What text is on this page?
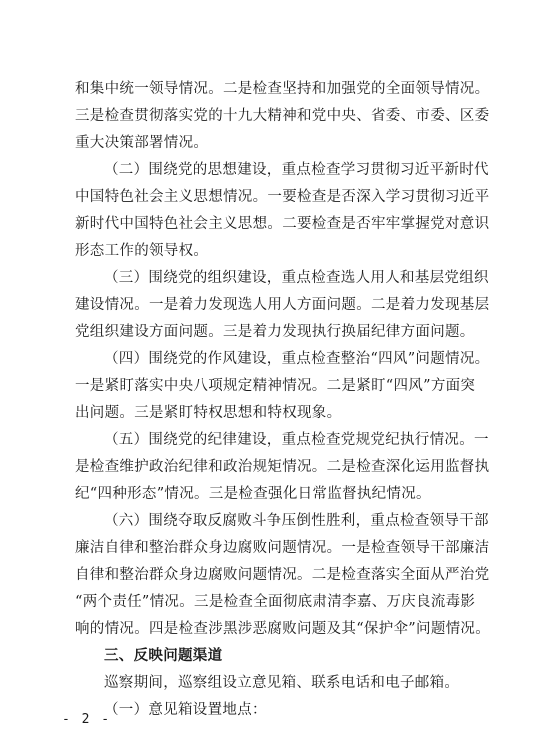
和集中统一领导情况。二是检查坚持和加强党的全面领导情况。
三是检查贯彻落实党的十九大精神和党中央、省委、市委、区委
重大决策部署情况。
（二）围绕党的思想建设，重点检查学习贯彻习近平新时代
中国特色社会主义思想情况。一要检查是否深入学习贯彻习近平
新时代中国特色社会主义思想。二要检查是否牢牢掌握党对意识
形态工作的领导权。
（三）围绕党的组织建设，重点检查选人用人和基层党组织
建设情况。一是着力发现选人用人方面问题。二是着力发现基层
党组织建设方面问题。三是着力发现执行换届纪律方面问题。
（四）围绕党的作风建设，重点检查整治“四风”问题情况。
一是紧盯落实中央八项规定精神情况。二是紧盯“四风”方面突
出问题。三是紧盯特权思想和特权现象。
（五）围绕党的纪律建设，重点检查党规党纪执行情况。一
是检查维护政治纪律和政治规矩情况。二是检查深化运用监督执
纪“四种形态”情况。三是检查强化日常监督执纪情况。
（六）围绕夺取反腐败斗争压倒性胜利，重点检查领导干部
廉洁自律和整治群众身边腐败问题情况。一是检查领导干部廉洁
自律和整治群众身边腐败问题情况。二是检查落实全面从严治党
“两个责任”情况。三是检查全面彻底肃清李嘉、万庆良流毒影
响的情况。四是检查涉黑涉恶腐败问题及其“保护伞”问题情况。
三、反映问题渠道
巡察期间，巡察组设立意见箱、联系电话和电子邮箱。
（一）意见箱设置地点：
- 2 -
